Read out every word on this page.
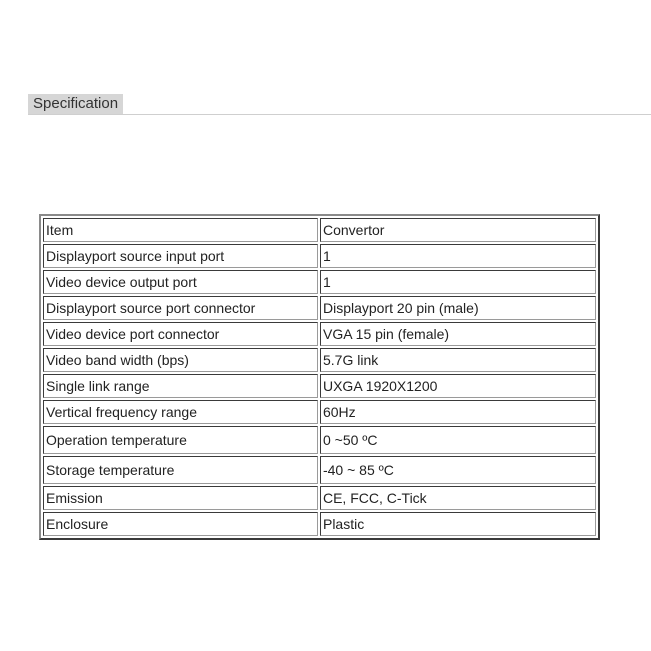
Specification
Item	Convertor
Displayport source input port	1
Video device output port	1
Displayport source port connector	Displayport 20 pin (male)
Video device port connector	VGA 15 pin (female)
Video band width (bps)	5.7G link
Single link range	UXGA 1920X1200
Vertical frequency range	60Hz
Operation temperature	0 ~50 ºC
Storage temperature	-40 ~ 85 ºC
Emission	CE, FCC, C-Tick
Enclosure	Plastic
